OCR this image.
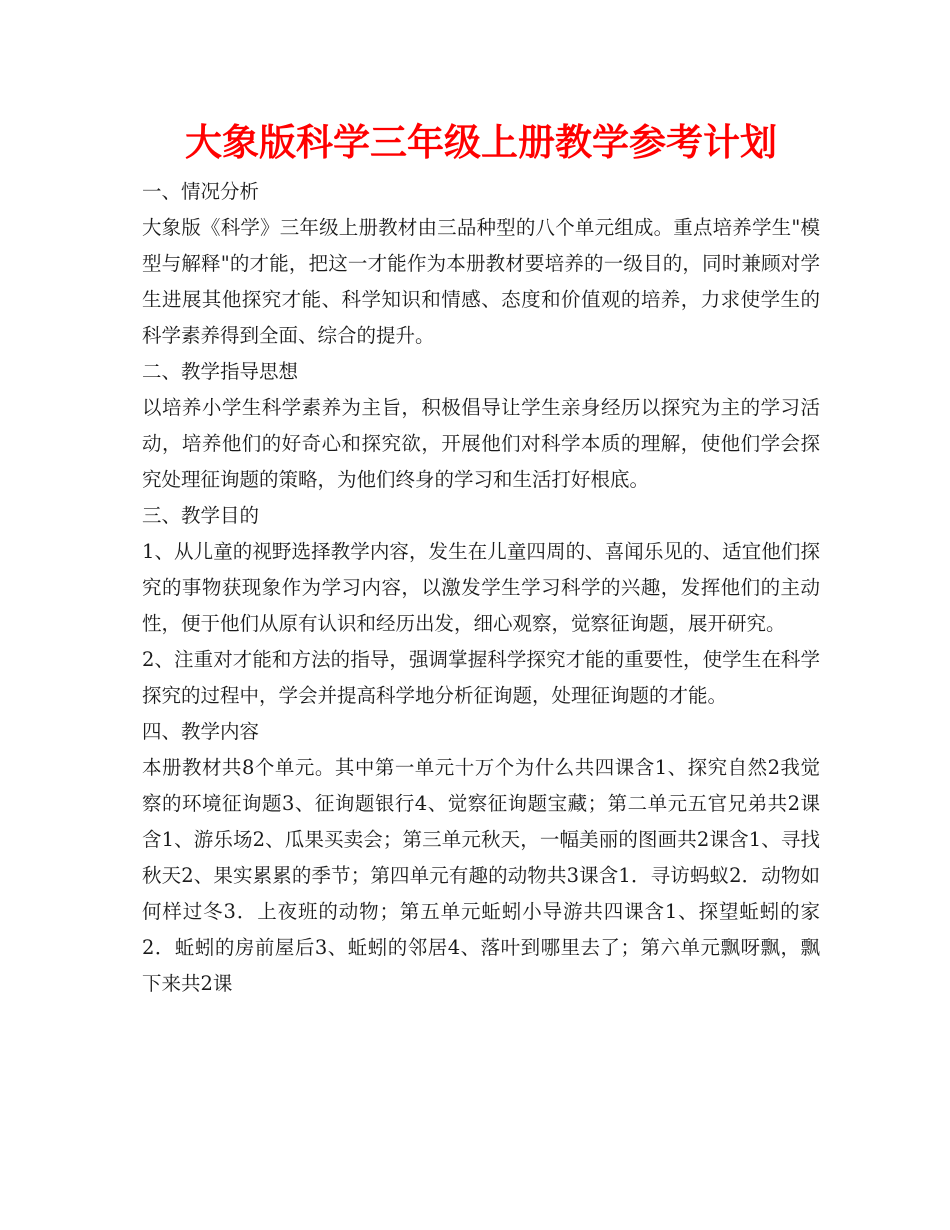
大象版科学三年级上册教学参考计划

一、情况分析

大象版《科学》三年级上册教材由三品种型的八个单元组成。重点培养学生"模型与解释"的才能，把这一才能作为本册教材要培养的一级目的，同时兼顾对学生进展其他探究才能、科学知识和情感、态度和价值观的培养，力求使学生的科学素养得到全面、综合的提升。

二、教学指导思想

以培养小学生科学素养为主旨，积极倡导让学生亲身经历以探究为主的学习活动，培养他们的好奇心和探究欲，开展他们对科学本质的理解，使他们学会探究处理征询题的策略，为他们终身的学习和生活打好根底。

三、教学目的

1、从儿童的视野选择教学内容，发生在儿童四周的、喜闻乐见的、适宜他们探究的事物获现象作为学习内容，以激发学生学习科学的兴趣，发挥他们的主动性，便于他们从原有认识和经历出发，细心观察，觉察征询题，展开研究。

2、注重对才能和方法的指导，强调掌握科学探究才能的重要性，使学生在科学探究的过程中，学会并提高科学地分析征询题，处理征询题的才能。

四、教学内容

本册教材共8个单元。其中第一单元十万个为什么共四课含1、探究自然2我觉察的环境征询题3、征询题银行4、觉察征询题宝藏；第二单元五官兄弟共2课含1、游乐场2、瓜果买卖会；第三单元秋天，一幅美丽的图画共2课含1、寻找秋天2、果实累累的季节；第四单元有趣的动物共3课含1．寻访蚂蚁2．动物如何样过冬3．上夜班的动物；第五单元蚯蚓小导游共四课含1、探望蚯蚓的家2．蚯蚓的房前屋后3、蚯蚓的邻居4、落叶到哪里去了；第六单元飘呀飘，飘下来共2课
